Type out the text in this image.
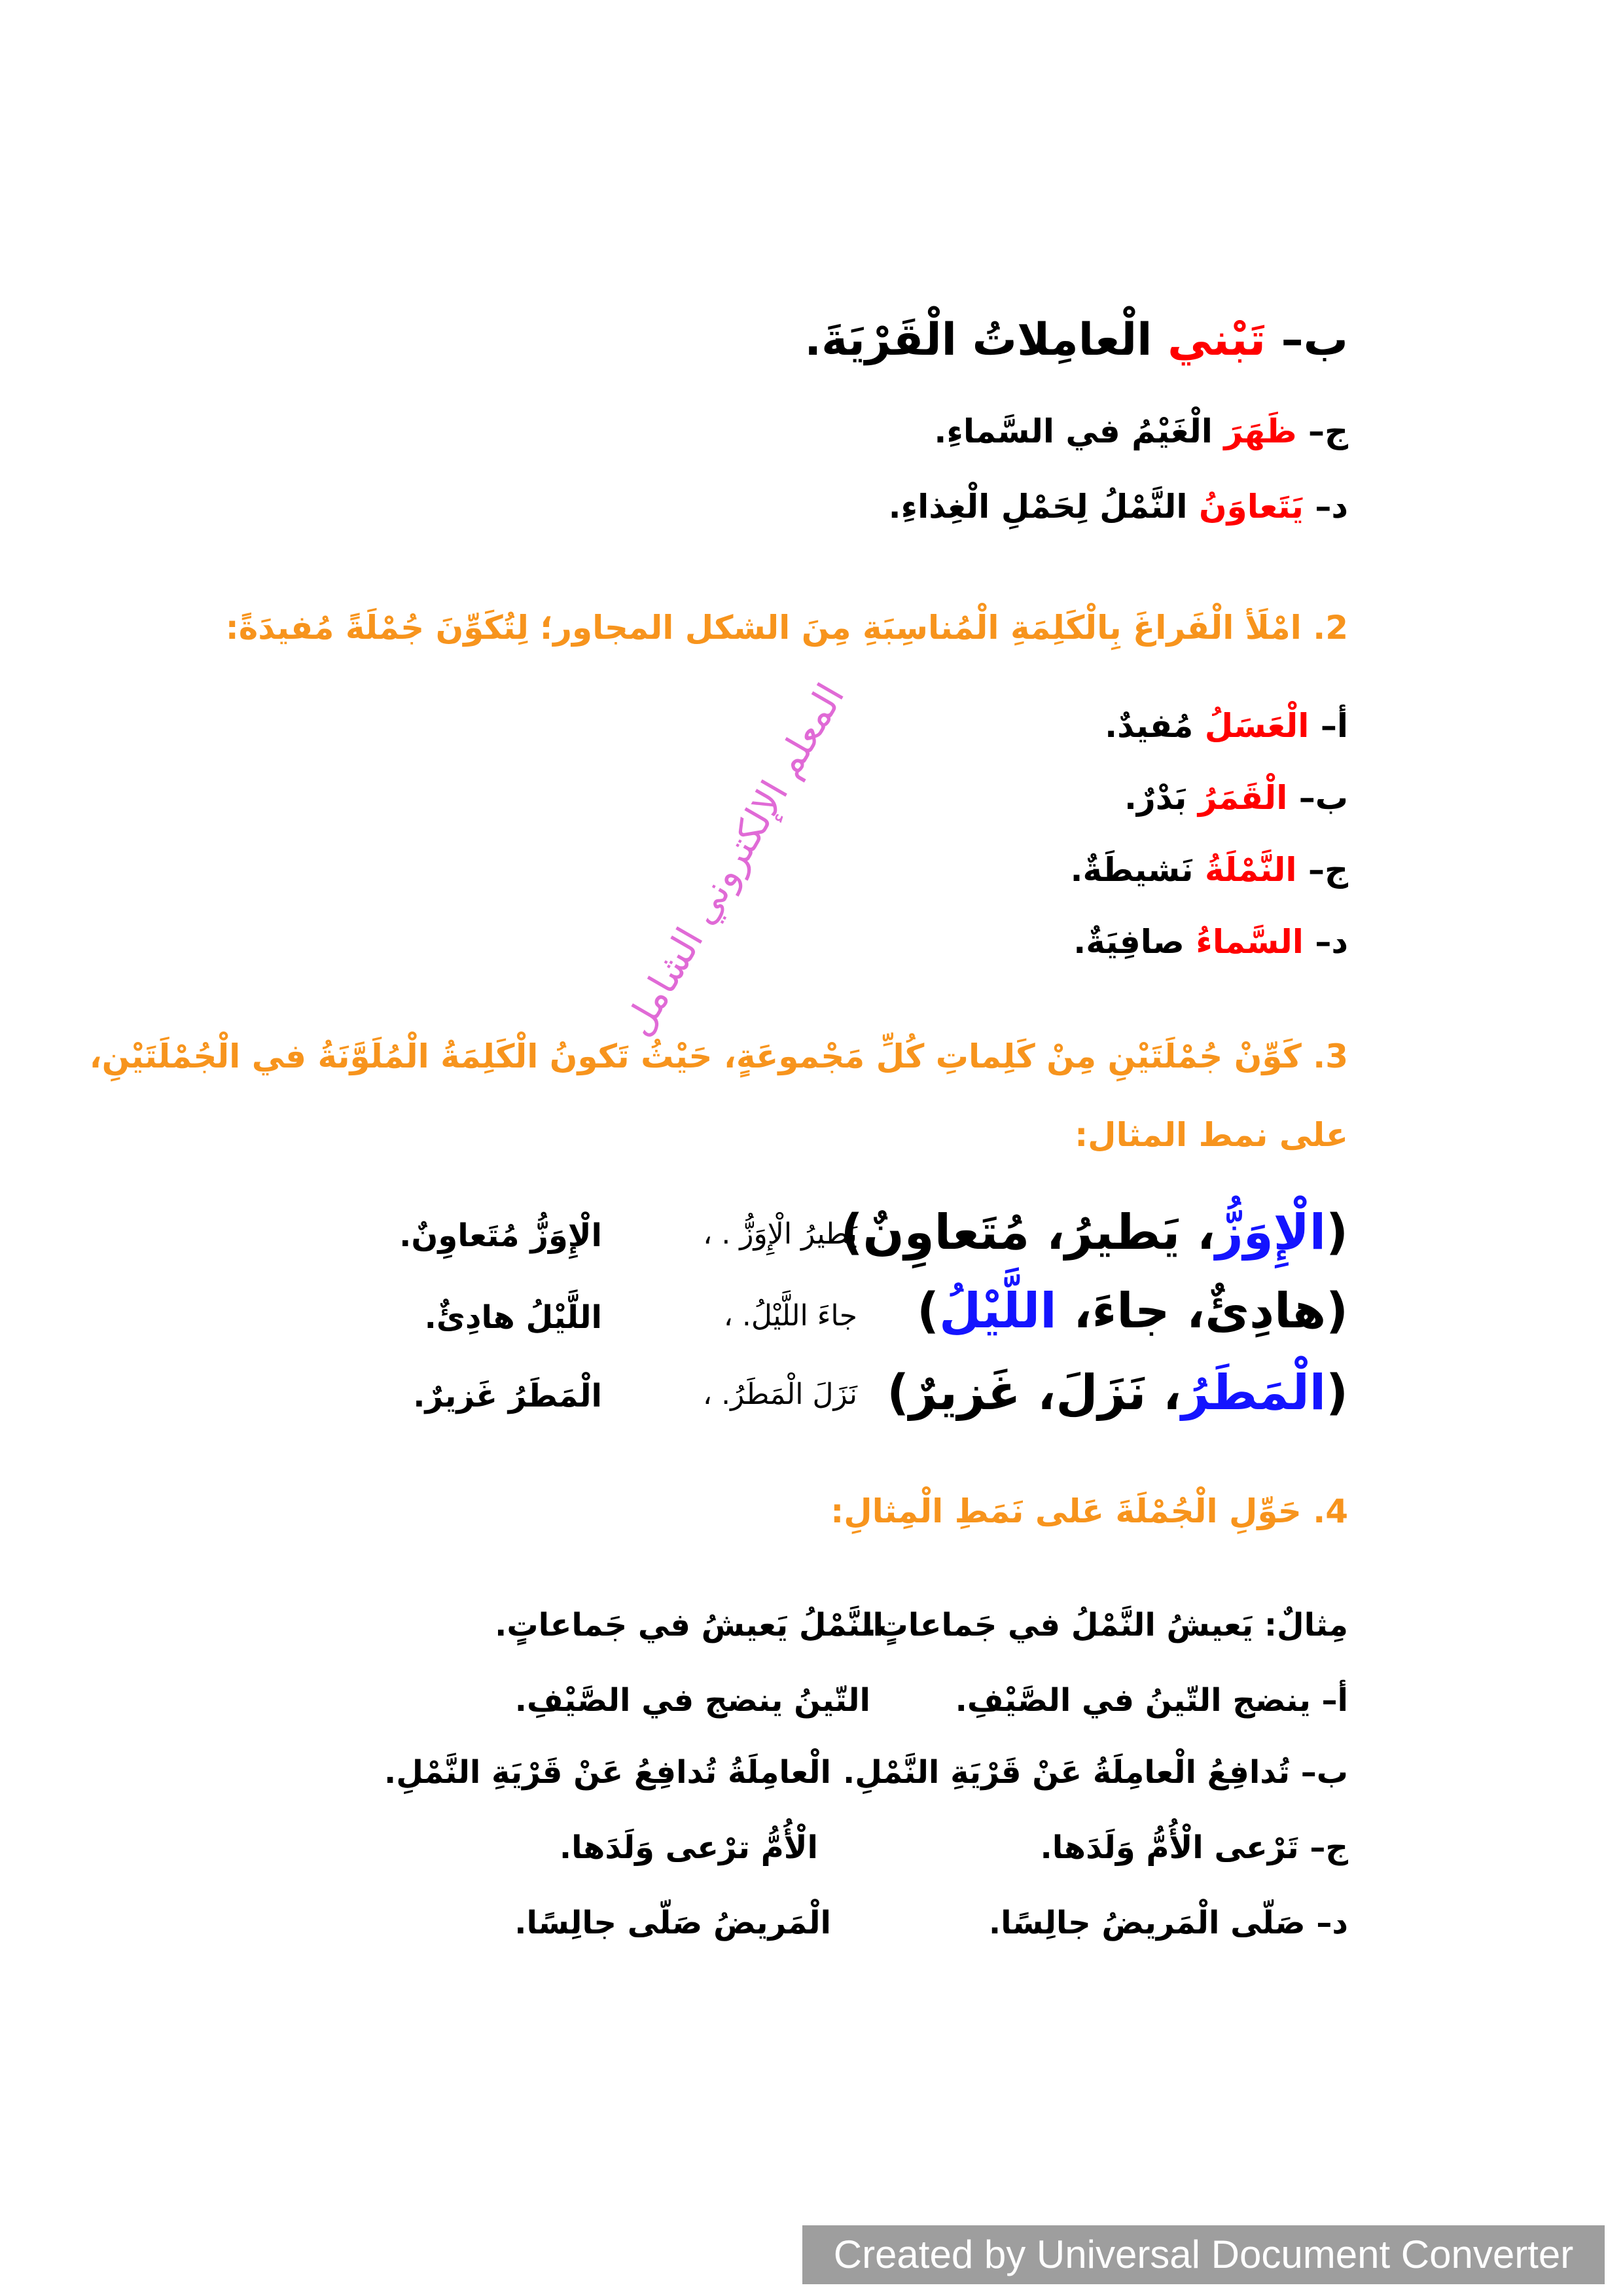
ب– تَبْني الْعامِلاتُ الْقَرْيَةَ.
ج– ظَهَرَ الْغَيْمُ في السَّماءِ.
د– يَتَعاوَنُ النَّمْلُ لِحَمْلِ الْغِذاءِ.
2. امْلَأ الْفَراغَ بِالْكَلِمَةِ الْمُناسِبَةِ مِنَ الشكل المجاور؛ لِتُكَوِّنَ جُمْلَةً مُفيدَةً:
أ– الْعَسَلُ مُفيدٌ.
ب– الْقَمَرُ بَدْرٌ.
ج– النَّمْلَةُ نَشيطَةٌ.
د– السَّماءُ صافِيَةٌ.
3. كَوِّنْ جُمْلَتَيْنِ مِنْ كَلِماتِ كُلِّ مَجْموعَةٍ، حَيْثُ تَكونُ الْكَلِمَةُ الْمُلَوَّنَةُ في الْجُمْلَتَيْنِ،
على نمط المثال:
(الْإِوَزُّ، يَطيرُ، مُتَعاوِنٌ)
يَطيرُ الْإِوَزُّ . ،
الْإِوَزُّ مُتَعاوِنٌ.
(هادِئٌ، جاءَ، اللَّيْلُ)
جاءَ اللَّيْلُ. ،
اللَّيْلُ هادِئٌ.
(الْمَطَرُ، نَزَلَ، غَزيرٌ)
نَزَلَ الْمَطَرُ. ،
الْمَطَرُ غَزيرٌ.
4. حَوِّلِ الْجُمْلَةَ عَلى نَمَطِ الْمِثالِ:
مِثالٌ: يَعيشُ النَّمْلُ في جَماعاتٍ.
النَّمْلُ يَعيشُ في جَماعاتٍ.
أ– ينضج التّينُ في الصَّيْفِ.
التّينُ ينضج في الصَّيْفِ.
ب– تُدافِعُ الْعامِلَةُ عَنْ قَرْيَةِ النَّمْلِ.
الْعامِلَةُ تُدافِعُ عَنْ قَرْيَةِ النَّمْلِ.
ج– تَرْعى الْأُمُّ وَلَدَها.
الْأُمُّ ترْعى وَلَدَها.
د– صَلّى الْمَريضُ جالِسًا.
الْمَريضُ صَلّى جالِسًا.
المعلم الإلكتروني الشامل
Created by Universal Document Converter
